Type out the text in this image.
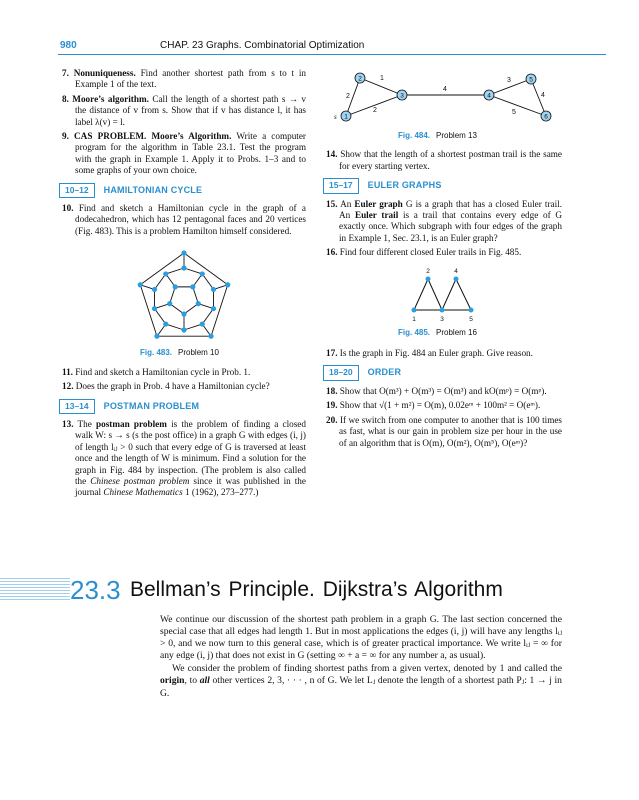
980	CHAP. 23 Graphs. Combinatorial Optimization
7. Nonuniqueness. Find another shortest path from s to t in Example 1 of the text.
8. Moore’s algorithm. Call the length of a shortest path s → v the distance of v from s. Show that if v has distance l, it has label λ(v) = l.
9. CAS PROBLEM. Moore’s Algorithm. Write a computer program for the algorithm in Table 23.1. Test the program with the graph in Example 1. Apply it to Probs. 1–3 and to some graphs of your own choice.
10–12	HAMILTONIAN CYCLE
10. Find and sketch a Hamiltonian cycle in the graph of a dodecahedron, which has 12 pentagonal faces and 20 vertices (Fig. 483). This is a problem Hamilton himself considered.
Fig. 483. Problem 10
11. Find and sketch a Hamiltonian cycle in Prob. 1.
12. Does the graph in Prob. 4 have a Hamiltonian cycle?
13–14	POSTMAN PROBLEM
13. The postman problem is the problem of finding a closed walk W: s → s (s the post office) in a graph G with edges (i, j) of length lᵢⱼ > 0 such that every edge of G is traversed at least once and the length of W is minimum. Find a solution for the graph in Fig. 484 by inspection. (The problem is also called the Chinese postman problem since it was published in the journal Chinese Mathematics 1 (1962), 273–277.)
2
1
4
3
2	5
4
s 1
2
3	4
5
6
Fig. 484. Problem 13
14. Show that the length of a shortest postman trail is the same for every starting vertex.
15–17	EULER GRAPHS
15. An Euler graph G is a graph that has a closed Euler trail. An Euler trail is a trail that contains every edge of G exactly once. Which subgraph with four edges of the graph in Example 1, Sec. 23.1, is an Euler graph?
16. Find four different closed Euler trails in Fig. 485.
2	4
1	3	5
Fig. 485. Problem 16
17. Is the graph in Fig. 484 an Euler graph. Give reason.
18–20	ORDER
18. Show that O(m³) + O(m³) = O(m³) and kO(mᵖ) = O(mᵖ).
19. Show that √(1 + m²) = O(m), 0.02eᵐ + 100m² = O(eᵐ).
20. If we switch from one computer to another that is 100 times as fast, what is our gain in problem size per hour in the use of an algorithm that is O(m), O(m²), O(m⁵), O(eᵐ)?
23.3 Bellman’s Principle. Dijkstra’s Algorithm

We continue our discussion of the shortest path problem in a graph G. The last section concerned the special case that all edges had length 1. But in most applications the edges (i, j) will have any lengths lᵢⱼ > 0, and we now turn to this general case, which is of greater practical importance. We write lᵢⱼ = ∞ for any edge (i, j) that does not exist in G (setting ∞ + a = ∞ for any number a, as usual).

We consider the problem of finding shortest paths from a given vertex, denoted by 1 and called the origin, to all other vertices 2, 3, · · · , n of G. We let Lⱼ denote the length of a shortest path Pⱼ: 1 → j in G.
